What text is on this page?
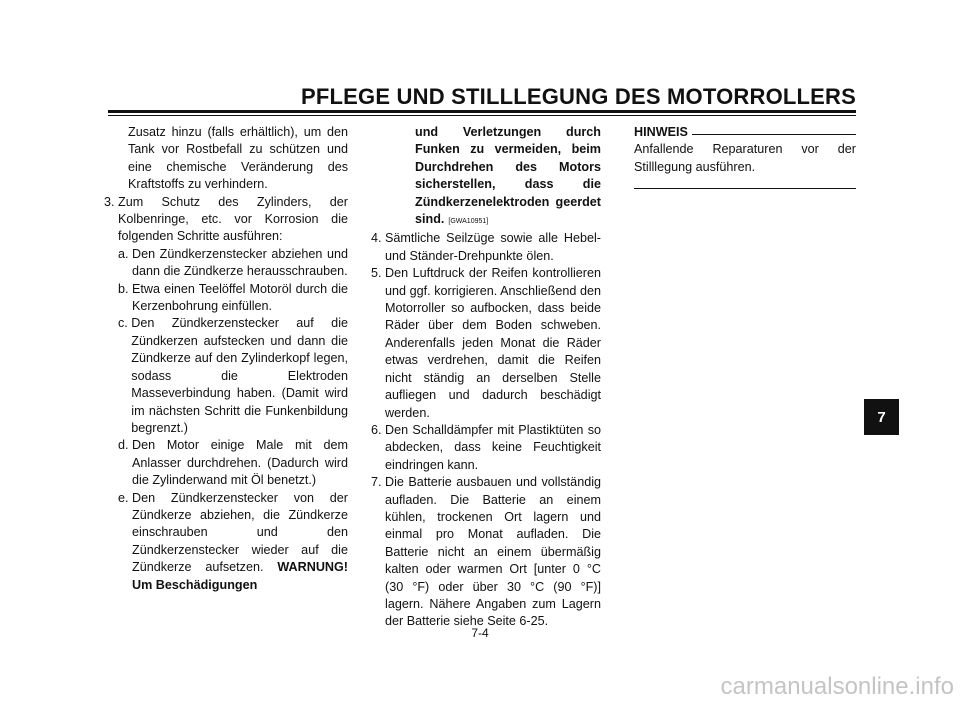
PFLEGE UND STILLLEGUNG DES MOTORROLLERS

Zusatz hinzu (falls erhältlich), um den Tank vor Rostbefall zu schützen und eine chemische Veränderung des Kraftstoffs zu verhindern.

3. Zum Schutz des Zylinders, der Kolbenringe, etc. vor Korrosion die folgenden Schritte ausführen:
a. Den Zündkerzenstecker abziehen und dann die Zündkerze herausschrauben.
b. Etwa einen Teelöffel Motoröl durch die Kerzenbohrung einfüllen.
c. Den Zündkerzenstecker auf die Zündkerzen aufstecken und dann die Zündkerze auf den Zylinderkopf legen, sodass die Elektroden Masseverbindung haben. (Damit wird im nächsten Schritt die Funkenbildung begrenzt.)
d. Den Motor einige Male mit dem Anlasser durchdrehen. (Dadurch wird die Zylinderwand mit Öl benetzt.)
e. Den Zündkerzenstecker von der Zündkerze abziehen, die Zündkerze einschrauben und den Zündkerzenstecker wieder auf die Zündkerze aufsetzen. WARNUNG! Um Beschädigungen

und Verletzungen durch Funken zu vermeiden, beim Durchdrehen des Motors sicherstellen, dass die Zündkerzenelektroden geerdet sind. [GWA10951]

4. Sämtliche Seilzüge sowie alle Hebel- und Ständer-Drehpunkte ölen.
5. Den Luftdruck der Reifen kontrollieren und ggf. korrigieren. Anschließend den Motorroller so aufbocken, dass beide Räder über dem Boden schweben. Anderenfalls jeden Monat die Räder etwas verdrehen, damit die Reifen nicht ständig an derselben Stelle aufliegen und dadurch beschädigt werden.
6. Den Schalldämpfer mit Plastiktüten so abdecken, dass keine Feuchtigkeit eindringen kann.
7. Die Batterie ausbauen und vollständig aufladen. Die Batterie an einem kühlen, trockenen Ort lagern und einmal pro Monat aufladen. Die Batterie nicht an einem übermäßig kalten oder warmen Ort [unter 0 °C (30 °F) oder über 30 °C (90 °F)] lagern. Nähere Angaben zum Lagern der Batterie siehe Seite 6-25.
HINWEIS

Anfallende Reparaturen vor der Stilllegung ausführen.

7-4
7
carmanualsonline.info
